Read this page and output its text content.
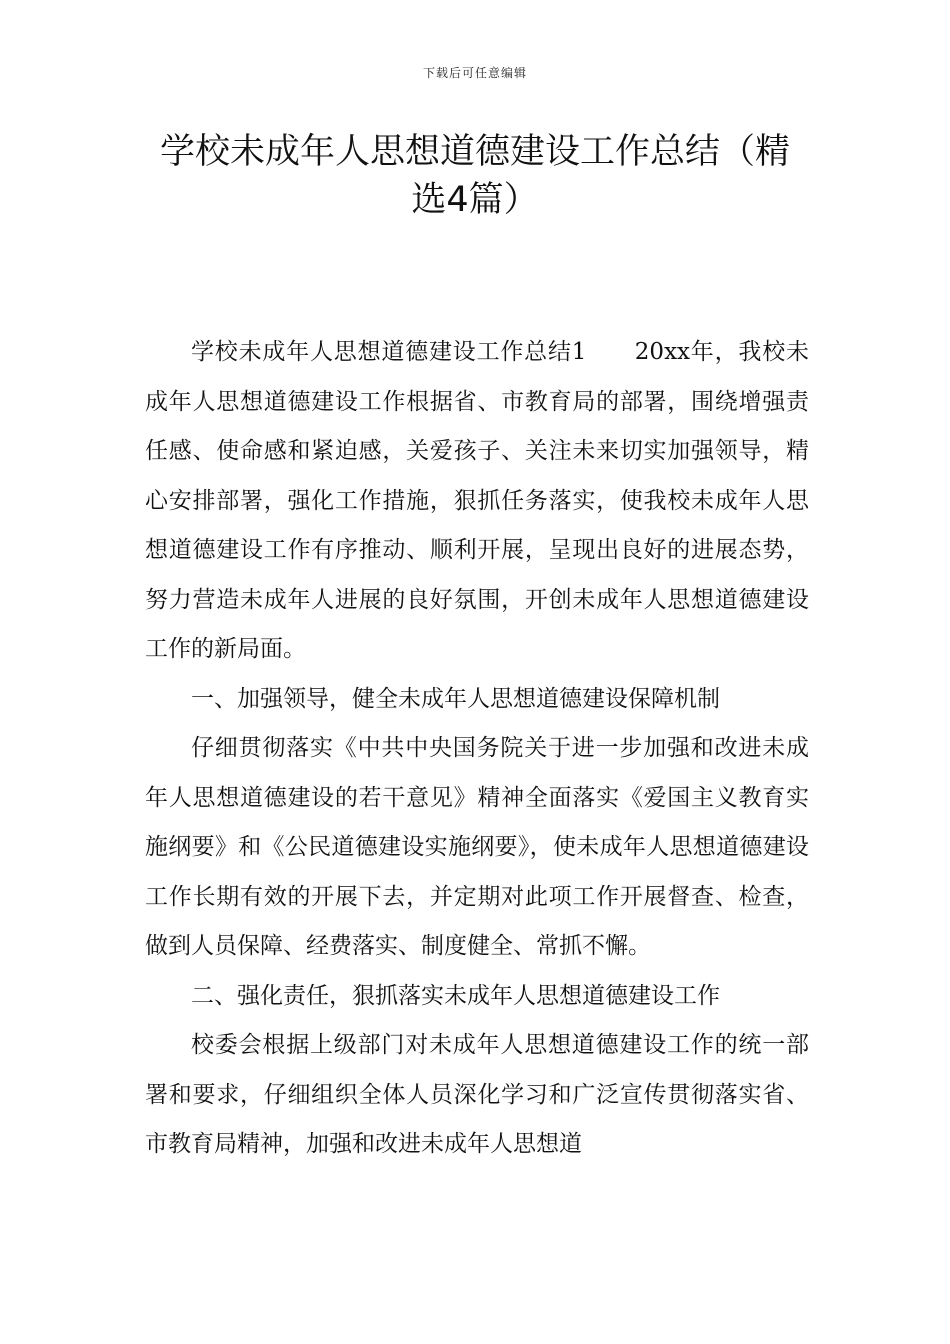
下载后可任意编辑
学校未成年人思想道德建设工作总结（精选4篇）

学校未成年人思想道德建设工作总结1　　20xx年，我校未成年人思想道德建设工作根据省、市教育局的部署，围绕增强责任感、使命感和紧迫感，关爱孩子、关注未来切实加强领导，精心安排部署，强化工作措施，狠抓任务落实，使我校未成年人思想道德建设工作有序推动、顺利开展，呈现出良好的进展态势，努力营造未成年人进展的良好氛围，开创未成年人思想道德建设工作的新局面。

一、加强领导，健全未成年人思想道德建设保障机制

仔细贯彻落实《中共中央国务院关于进一步加强和改进未成年人思想道德建设的若干意见》精神全面落实《爱国主义教育实施纲要》和《公民道德建设实施纲要》，使未成年人思想道德建设工作长期有效的开展下去，并定期对此项工作开展督查、检查，做到人员保障、经费落实、制度健全、常抓不懈。

二、强化责任，狠抓落实未成年人思想道德建设工作

校委会根据上级部门对未成年人思想道德建设工作的统一部署和要求，仔细组织全体人员深化学习和广泛宣传贯彻落实省、市教育局精神，加强和改进未成年人思想道
